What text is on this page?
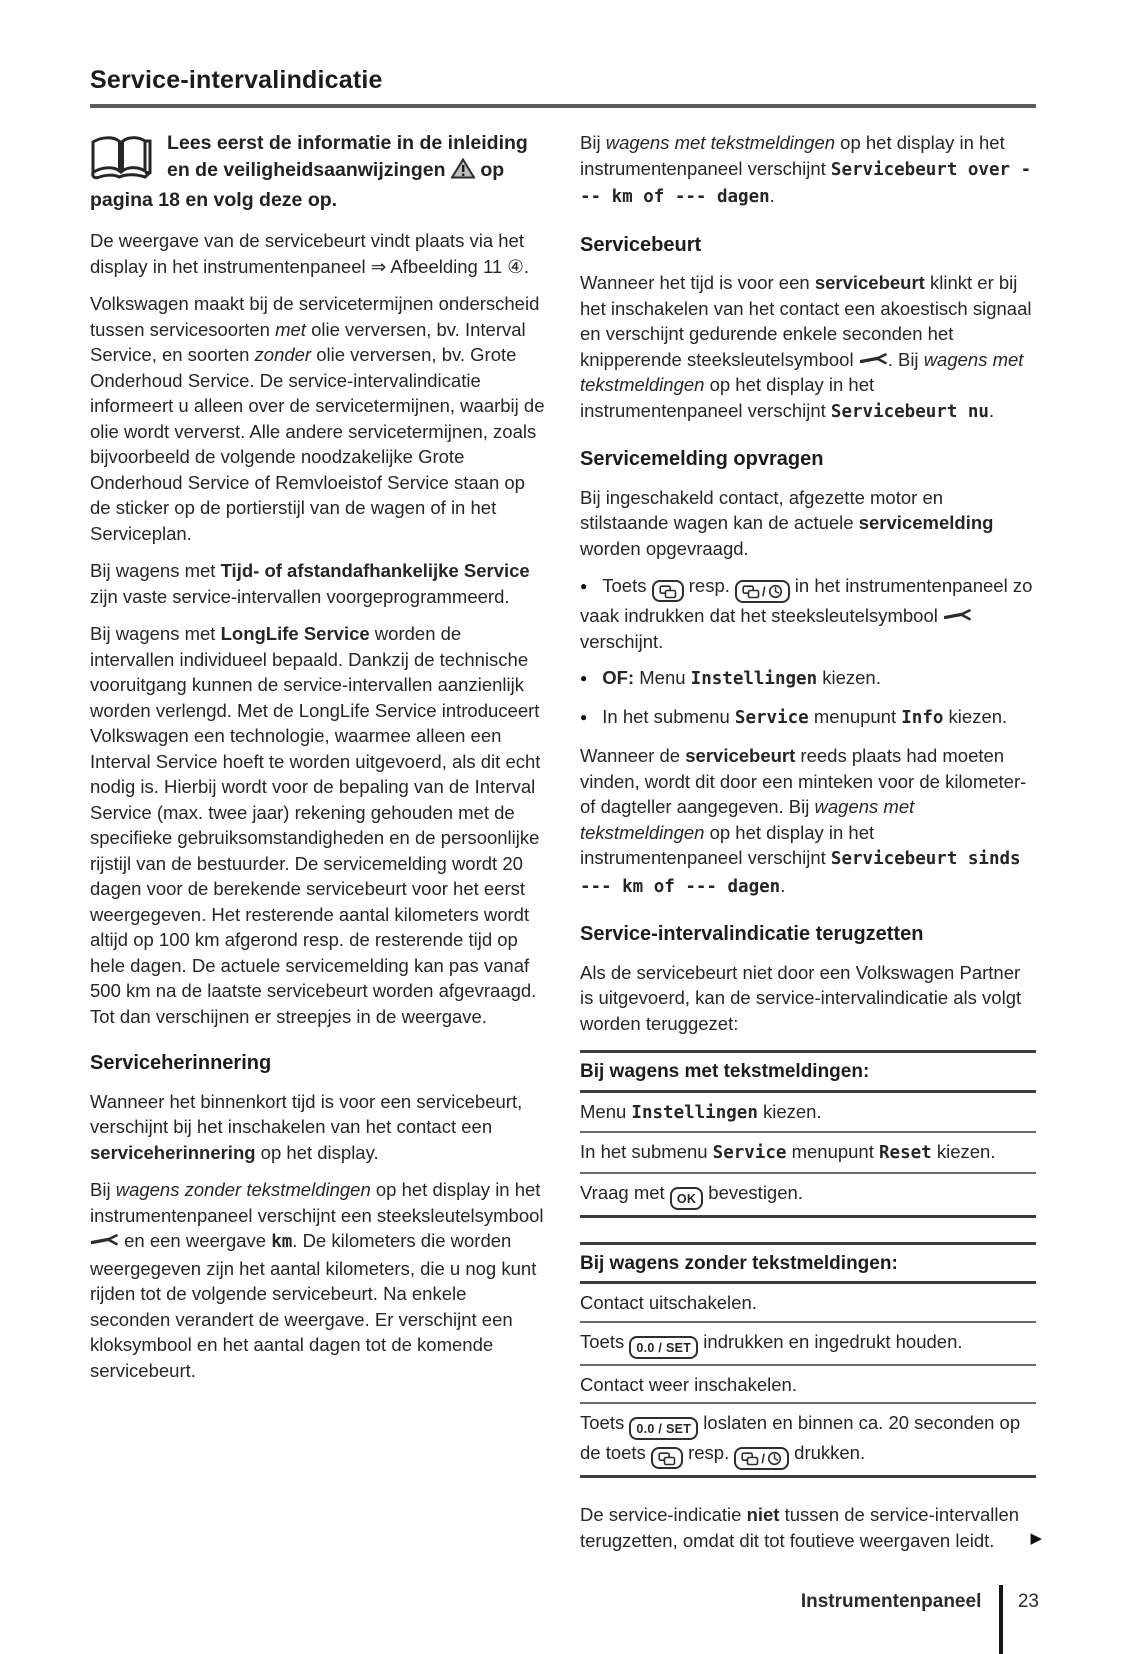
Service-intervalindicatie

Lees eerst de informatie in de inleiding en de veiligheidsaanwijzingen  op pagina 18 en volg deze op.

De weergave van de servicebeurt vindt plaats via het display in het instrumentenpaneel ⇒ Afbeelding 11 ④.

Volkswagen maakt bij de servicetermijnen onderscheid tussen servicesoorten met olie verversen, bv. Interval Service, en soorten zonder olie verversen, bv. Grote Onderhoud Service. De service-intervalindicatie informeert u alleen over de servicetermijnen, waarbij de olie wordt ververst. Alle andere servicetermijnen, zoals bijvoorbeeld de volgende noodzakelijke Grote Onderhoud Service of Remvloeistof Service staan op de sticker op de portierstijl van de wagen of in het Serviceplan.

Bij wagens met Tijd- of afstandafhankelijke Service zijn vaste service-intervallen voorgeprogrammeerd.

Bij wagens met LongLife Service worden de intervallen individueel bepaald. Dankzij de technische vooruitgang kunnen de service-intervallen aanzienlijk worden verlengd. Met de LongLife Service introduceert Volkswagen een technologie, waarmee alleen een Interval Service hoeft te worden uitgevoerd, als dit echt nodig is. Hierbij wordt voor de bepaling van de Interval Service (max. twee jaar) rekening gehouden met de specifieke gebruiksomstandigheden en de persoonlijke rijstijl van de bestuurder. De servicemelding wordt 20 dagen voor de berekende servicebeurt voor het eerst weergegeven. Het resterende aantal kilometers wordt altijd op 100 km afgerond resp. de resterende tijd op hele dagen. De actuele servicemelding kan pas vanaf 500 km na de laatste servicebeurt worden afgevraagd. Tot dan verschijnen er streepjes in de weergave.

Serviceherinnering

Wanneer het binnenkort tijd is voor een servicebeurt, verschijnt bij het inschakelen van het contact een serviceherinnering op het display.

Bij wagens zonder tekstmeldingen op het display in het instrumentenpaneel verschijnt een steeksleutelsymbool  en een weergave km. De kilometers die worden weergegeven zijn het aantal kilometers, die u nog kunt rijden tot de volgende servicebeurt. Na enkele seconden verandert de weergave. Er verschijnt een kloksymbool en het aantal dagen tot de komende servicebeurt.

Bij wagens met tekstmeldingen op het display in het instrumentenpaneel verschijnt Servicebeurt over --- km of --- dagen.

Servicebeurt

Wanneer het tijd is voor een servicebeurt klinkt er bij het inschakelen van het contact een akoestisch signaal en verschijnt gedurende enkele seconden het knipperende steeksleutelsymbool . Bij wagens met tekstmeldingen op het display in het instrumentenpaneel verschijnt Servicebeurt nu.

Servicemelding opvragen

Bij ingeschakeld contact, afgezette motor en stilstaande wagen kan de actuele servicemelding worden opgevraagd.

● Toets  resp. / in het instrumentenpaneel zo vaak indrukken dat het steeksleutelsymbool  verschijnt.

● OF: Menu Instellingen kiezen.

● In het submenu Service menupunt Info kiezen.

Wanneer de servicebeurt reeds plaats had moeten vinden, wordt dit door een minteken voor de kilometer- of dagteller aangegeven. Bij wagens met tekstmeldingen op het display in het instrumentenpaneel verschijnt Servicebeurt sinds --- km of --- dagen.

Service-intervalindicatie terugzetten

Als de servicebeurt niet door een Volkswagen Partner is uitgevoerd, kan de service-intervalindicatie als volgt worden teruggezet:

Bij wagens met tekstmeldingen:
Menu Instellingen kiezen.
In het submenu Service menupunt Reset kiezen.
Vraag met OK bevestigen.
Bij wagens zonder tekstmeldingen:
Contact uitschakelen.
Toets 0.0 / SET indrukken en ingedrukt houden.
Contact weer inschakelen.
Toets 0.0 / SET loslaten en binnen ca. 20 seconden op de toets  resp. / drukken.

De service-indicatie niet tussen de service-intervallen terugzetten, omdat dit tot foutieve weergaven leidt.	▶
Instrumentenpaneel 23
